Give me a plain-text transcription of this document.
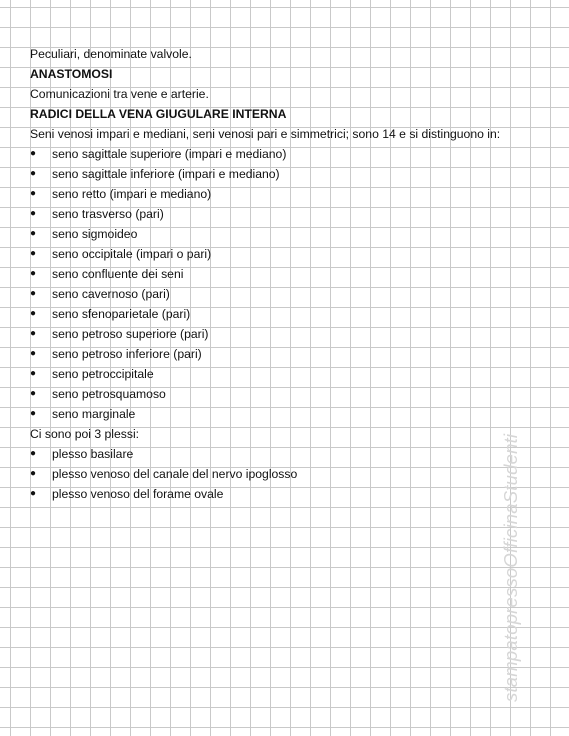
Peculiari, denominate valvole.
ANASTOMOSI
Comunicazioni tra vene e arterie.
RADICI DELLA VENA GIUGULARE INTERNA
Seni venosi impari e mediani, seni venosi pari e simmetrici; sono 14 e si distinguono in:
●	seno sagittale superiore (impari e mediano)
●	seno sagittale inferiore (impari e mediano)
●	seno retto (impari e mediano)
●	seno trasverso (pari)
●	seno sigmoideo
●	seno occipitale (impari o pari)
●	seno confluente dei seni
●	seno cavernoso (pari)
●	seno sfenoparietale (pari)
●	seno petroso superiore (pari)
●	seno petroso inferiore (pari)
●	seno petroccipitale
●	seno petrosquamoso
●	seno marginale
Ci sono poi 3 plessi:
●	plesso basilare
●	plesso venoso del canale del nervo ipoglosso
●	plesso venoso del forame ovale	stampatopressoOfficinaStudenti
